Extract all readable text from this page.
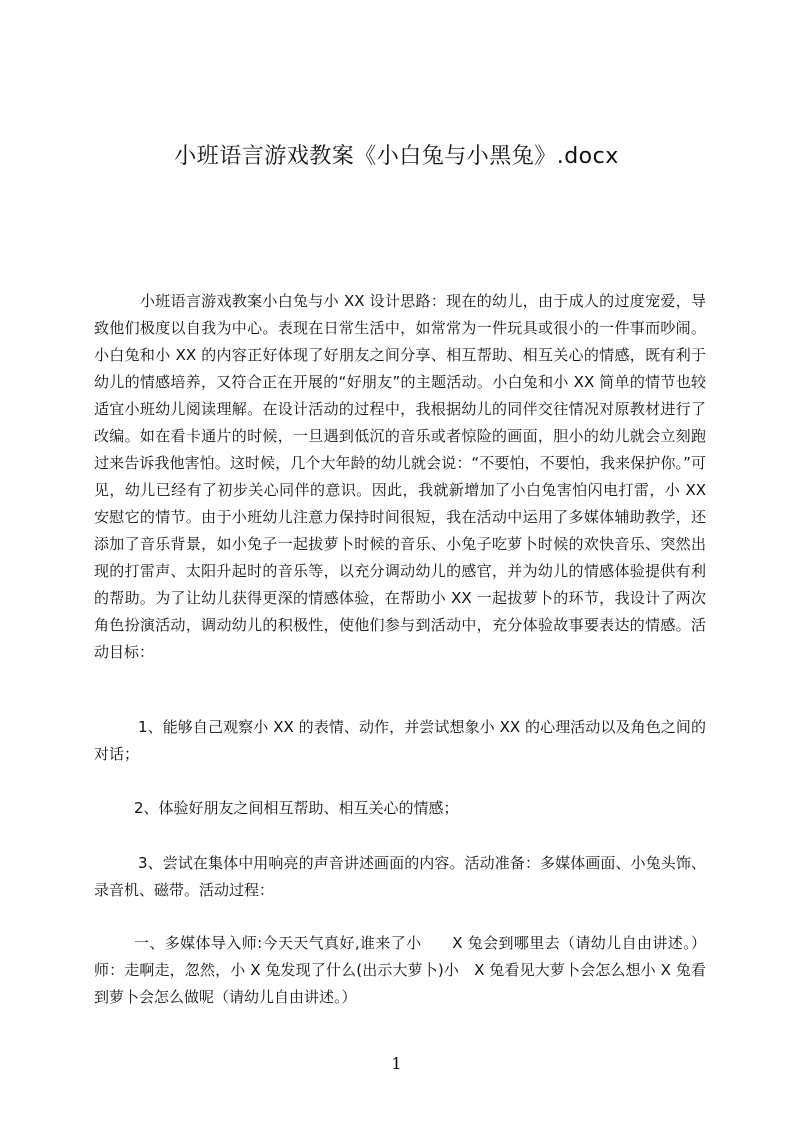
小班语言游戏教案《小白兔与小黑兔》.docx

小班语言游戏教案小白兔与小 XX 设计思路：现在的幼儿，由于成人的过度宠爱，导致他们极度以自我为中心。表现在日常生活中，如常常为一件玩具或很小的一件事而吵闹。小白兔和小 XX 的内容正好体现了好朋友之间分享、相互帮助、相互关心的情感，既有利于幼儿的情感培养，又符合正在开展的“好朋友”的主题活动。小白兔和小 XX 简单的情节也较适宜小班幼儿阅读理解。在设计活动的过程中，我根据幼儿的同伴交往情况对原教材进行了改编。如在看卡通片的时候，一旦遇到低沉的音乐或者惊险的画面，胆小的幼儿就会立刻跑过来告诉我他害怕。这时候，几个大年龄的幼儿就会说：“不要怕，不要怕，我来保护你。”可见，幼儿已经有了初步关心同伴的意识。因此，我就新增加了小白兔害怕闪电打雷，小 XX 安慰它的情节。由于小班幼儿注意力保持时间很短，我在活动中运用了多媒体辅助教学，还添加了音乐背景，如小兔子一起拔萝卜时候的音乐、小兔子吃萝卜时候的欢快音乐、突然出现的打雷声、太阳升起时的音乐等，以充分调动幼儿的感官，并为幼儿的情感体验提供有利的帮助。为了让幼儿获得更深的情感体验，在帮助小 XX 一起拔萝卜的环节，我设计了两次角色扮演活动，调动幼儿的积极性，使他们参与到活动中，充分体验故事要表达的情感。活动目标：

1、能够自己观察小 XX 的表情、动作，并尝试想象小 XX 的心理活动以及角色之间的对话；

2、体验好朋友之间相互帮助、相互关心的情感；

3、尝试在集体中用响亮的声音讲述画面的内容。活动准备：多媒体画面、小兔头饰、录音机、磁带。活动过程：

一、多媒体导入师:今天天气真好,谁来了小　　X 兔会到哪里去（请幼儿自由讲述。）师：走啊走，忽然，小 X 兔发现了什么(出示大萝卜)小　X 兔看见大萝卜会怎么想小 X 兔看到萝卜会怎么做呢（请幼儿自由讲述。）

1
